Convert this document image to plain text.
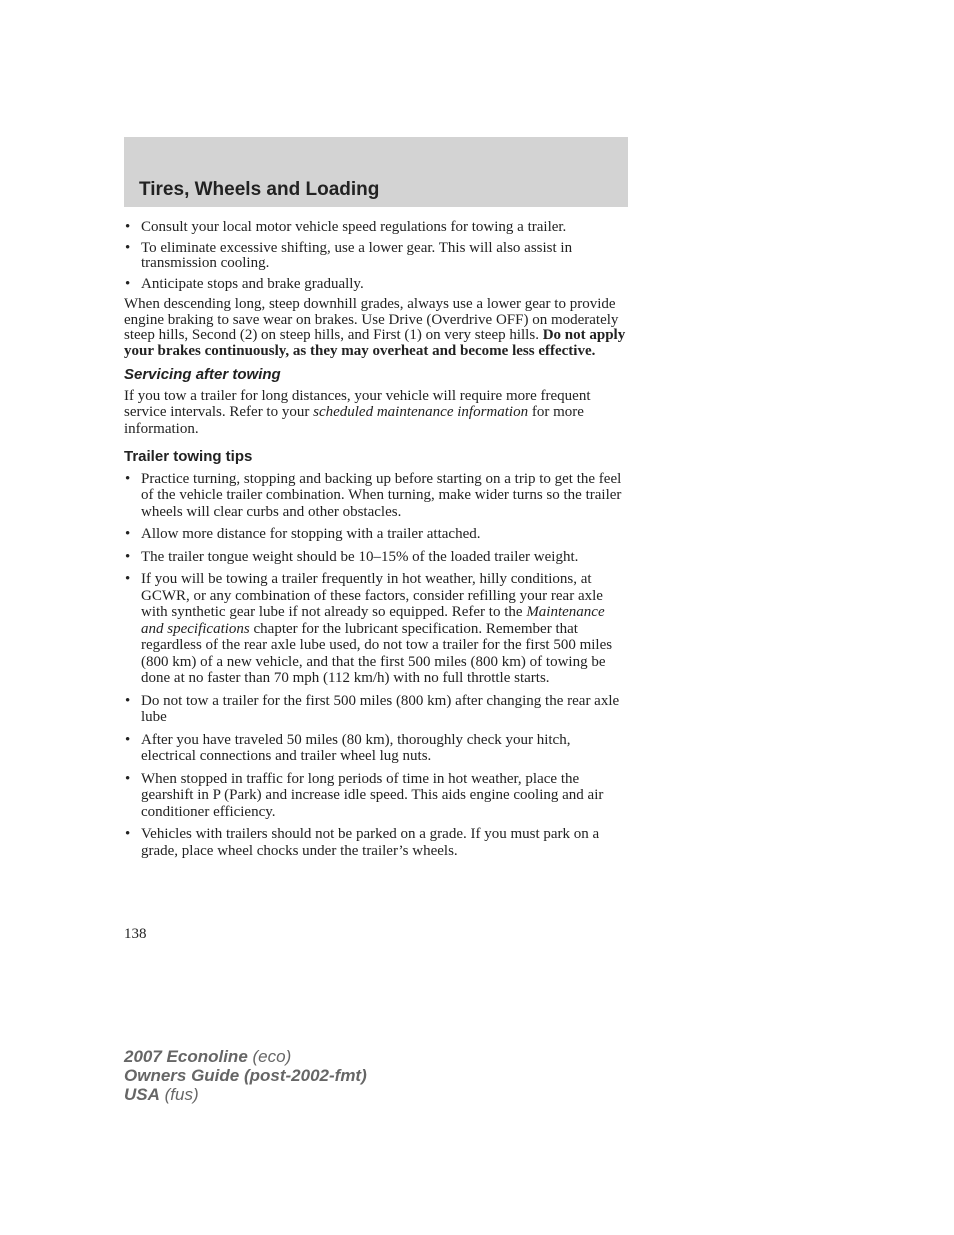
Tires, Wheels and Loading
• Consult your local motor vehicle speed regulations for towing a trailer.
• To eliminate excessive shifting, use a lower gear. This will also assist in transmission cooling.
• Anticipate stops and brake gradually.

When descending long, steep downhill grades, always use a lower gear to provide engine braking to save wear on brakes. Use Drive (Overdrive OFF) on moderately steep hills, Second (2) on steep hills, and First (1) on very steep hills. Do not apply your brakes continuously, as they may overheat and become less effective.

Servicing after towing

If you tow a trailer for long distances, your vehicle will require more frequent service intervals. Refer to your scheduled maintenance information for more information.

Trailer towing tips
• Practice turning, stopping and backing up before starting on a trip to get the feel of the vehicle trailer combination. When turning, make wider turns so the trailer wheels will clear curbs and other obstacles.
• Allow more distance for stopping with a trailer attached.
• The trailer tongue weight should be 10–15% of the loaded trailer weight.
• If you will be towing a trailer frequently in hot weather, hilly conditions, at GCWR, or any combination of these factors, consider refilling your rear axle with synthetic gear lube if not already so equipped. Refer to the Maintenance and specifications chapter for the lubricant specification. Remember that regardless of the rear axle lube used, do not tow a trailer for the first 500 miles (800 km) of a new vehicle, and that the first 500 miles (800 km) of towing be done at no faster than 70 mph (112 km/h) with no full throttle starts.
• Do not tow a trailer for the first 500 miles (800 km) after changing the rear axle lube
• After you have traveled 50 miles (80 km), thoroughly check your hitch, electrical connections and trailer wheel lug nuts.
• When stopped in traffic for long periods of time in hot weather, place the gearshift in P (Park) and increase idle speed. This aids engine cooling and air conditioner efficiency.
• Vehicles with trailers should not be parked on a grade. If you must park on a grade, place wheel chocks under the trailer’s wheels.
138
2007 Econoline (eco)
Owners Guide (post-2002-fmt)
USA (fus)
